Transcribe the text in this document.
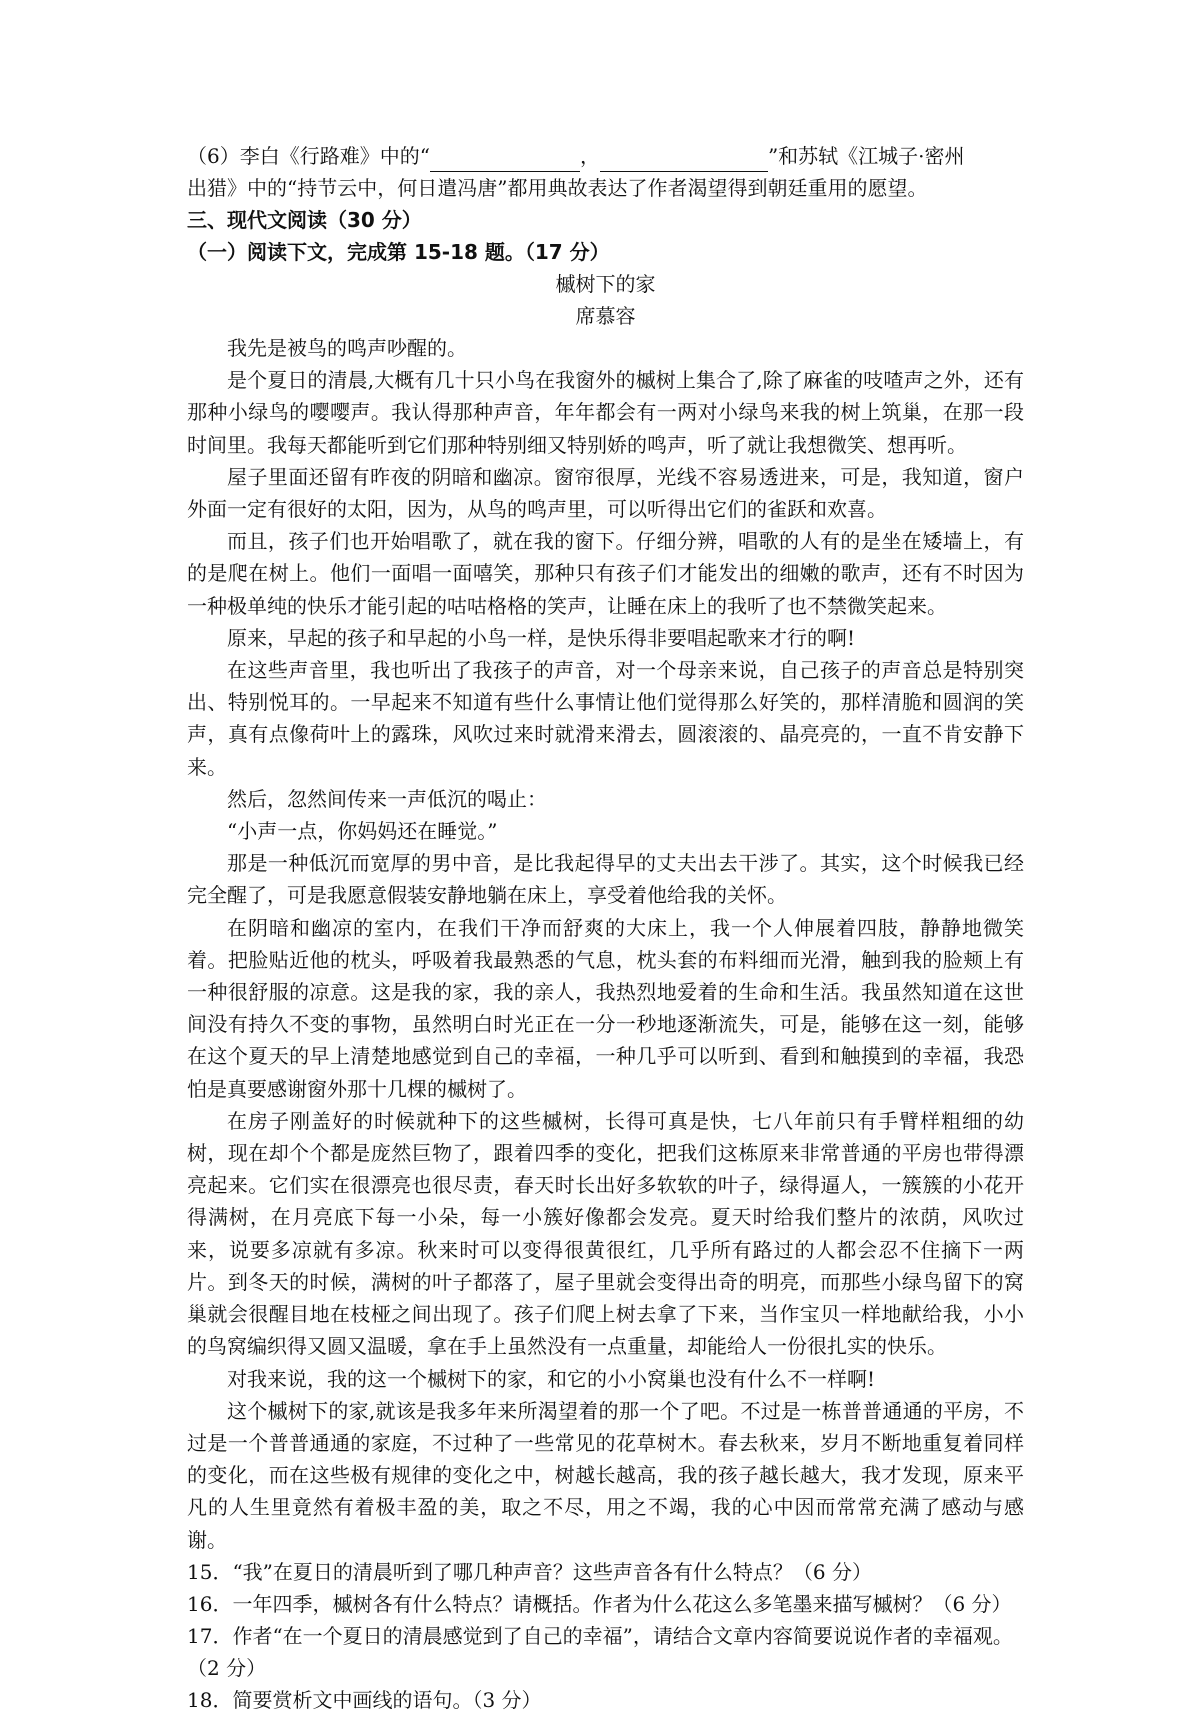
（6）李白《行路难》中的“	，	”和苏轼《江城子·密州

出猎》中的“持节云中，何日遣冯唐”都用典故表达了作者渴望得到朝廷重用的愿望。

三、现代文阅读（30 分）

（一）阅读下文，完成第 15-18 题。（17 分）

槭树下的家
席慕容

我先是被鸟的鸣声吵醒的。

是个夏日的清晨,大概有几十只小鸟在我窗外的槭树上集合了,除了麻雀的吱喳声之外，还有那种小绿鸟的嘤嘤声。我认得那种声音，年年都会有一两对小绿鸟来我的树上筑巢，在那一段时间里。我每天都能听到它们那种特别细又特别娇的鸣声，听了就让我想微笑、想再听。

屋子里面还留有昨夜的阴暗和幽凉。窗帘很厚，光线不容易透进来，可是，我知道，窗户外面一定有很好的太阳，因为，从鸟的鸣声里，可以听得出它们的雀跃和欢喜。

而且，孩子们也开始唱歌了，就在我的窗下。仔细分辨，唱歌的人有的是坐在矮墙上，有的是爬在树上。他们一面唱一面嘻笑，那种只有孩子们才能发出的细嫩的歌声，还有不时因为一种极单纯的快乐才能引起的咕咕格格的笑声，让睡在床上的我听了也不禁微笑起来。

原来，早起的孩子和早起的小鸟一样，是快乐得非要唱起歌来才行的啊!

在这些声音里，我也听出了我孩子的声音，对一个母亲来说，自己孩子的声音总是特别突出、特别悦耳的。一早起来不知道有些什么事情让他们觉得那么好笑的，那样清脆和圆润的笑声，真有点像荷叶上的露珠，风吹过来时就滑来滑去，圆滚滚的、晶亮亮的，一直不肯安静下来。

然后，忽然间传来一声低沉的喝止：

“小声一点，你妈妈还在睡觉。”

那是一种低沉而宽厚的男中音，是比我起得早的丈夫出去干涉了。其实，这个时候我已经完全醒了，可是我愿意假装安静地躺在床上，享受着他给我的关怀。

在阴暗和幽凉的室内，在我们干净而舒爽的大床上，我一个人伸展着四肢，静静地微笑着。把脸贴近他的枕头，呼吸着我最熟悉的气息，枕头套的布料细而光滑，触到我的脸颊上有一种很舒服的凉意。这是我的家，我的亲人，我热烈地爱着的生命和生活。我虽然知道在这世间没有持久不变的事物，虽然明白时光正在一分一秒地逐渐流失，可是，能够在这一刻，能够在这个夏天的早上清楚地感觉到自己的幸福，一种几乎可以听到、看到和触摸到的幸福，我恐怕是真要感谢窗外那十几棵的槭树了。

在房子刚盖好的时候就种下的这些槭树，长得可真是快，七八年前只有手臂样粗细的幼树，现在却个个都是庞然巨物了，跟着四季的变化，把我们这栋原来非常普通的平房也带得漂亮起来。它们实在很漂亮也很尽责，春天时长出好多软软的叶子，绿得逼人，一簇簇的小花开得满树，在月亮底下每一小朵，每一小簇好像都会发亮。夏天时给我们整片的浓荫，风吹过来，说要多凉就有多凉。秋来时可以变得很黄很红，几乎所有路过的人都会忍不住摘下一两片。到冬天的时候，满树的叶子都落了，屋子里就会变得出奇的明亮，而那些小绿鸟留下的窝巢就会很醒目地在枝桠之间出现了。孩子们爬上树去拿了下来，当作宝贝一样地献给我，小小的鸟窝编织得又圆又温暖，拿在手上虽然没有一点重量，却能给人一份很扎实的快乐。

对我来说，我的这一个槭树下的家，和它的小小窝巢也没有什么不一样啊!

这个槭树下的家,就该是我多年来所渴望着的那一个了吧。不过是一栋普普通通的平房，不过是一个普普通通的家庭，不过种了一些常见的花草树木。春去秋来，岁月不断地重复着同样的变化，而在这些极有规律的变化之中，树越长越高，我的孩子越长越大，我才发现，原来平凡的人生里竟然有着极丰盈的美，取之不尽，用之不竭，我的心中因而常常充满了感动与感谢。

15．“我”在夏日的清晨听到了哪几种声音？这些声音各有什么特点？（6 分）

16．一年四季，槭树各有什么特点？请概括。作者为什么花这么多笔墨来描写槭树？（6 分）

17．作者“在一个夏日的清晨感觉到了自己的幸福”，请结合文章内容简要说说作者的幸福观。（2 分）

18．简要赏析文中画线的语句。（3 分）
